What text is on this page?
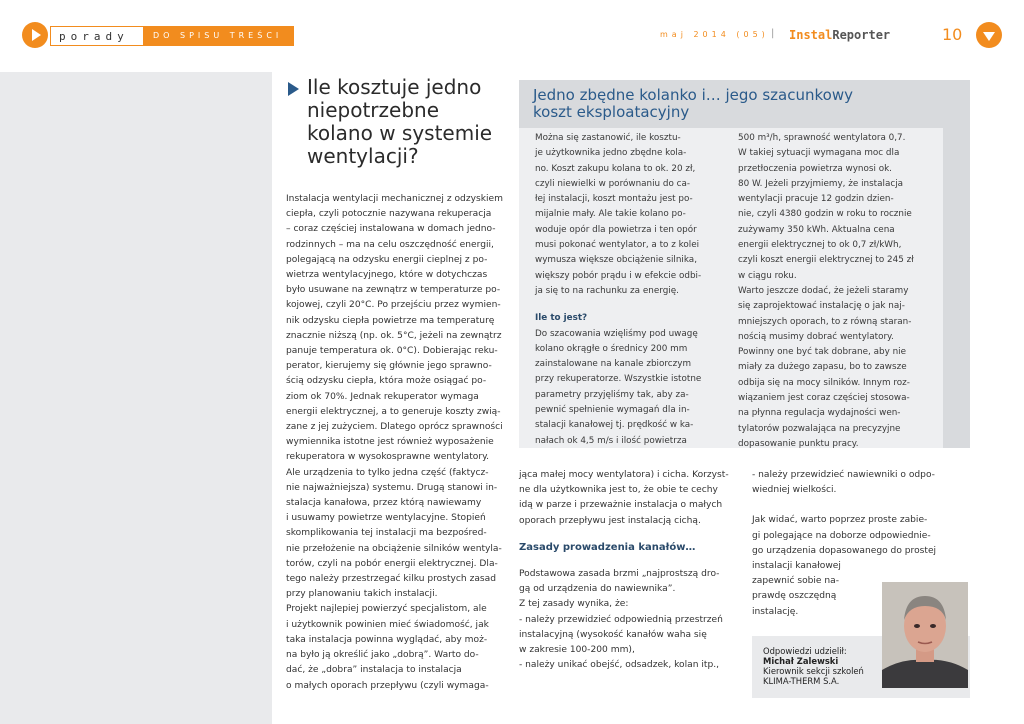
porady	DO SPISU TREŚCI	maj 2014 (05) | InstalReporter	10
Ile kosztuje jedno niepotrzebne kolano w systemie wentylacji?
Instalacja wentylacji mechanicznej z odzyskiem
ciepła, czyli potocznie nazywana rekuperacja
– coraz częściej instalowana w domach jedno-
rodzinnych – ma na celu oszczędność energii,
polegającą na odzysku energii cieplnej z po-
wietrza wentylacyjnego, które w dotychczas
było usuwane na zewnątrz w temperaturze po-
kojowej, czyli 20°C. Po przejściu przez wymien-
nik odzysku ciepła powietrze ma temperaturę
znacznie niższą (np. ok. 5°C, jeżeli na zewnątrz
panuje temperatura ok. 0°C). Dobierając reku-
perator, kierujemy się głównie jego sprawno-
ścią odzysku ciepła, która może osiągać po-
ziom ok 70%. Jednak rekuperator wymaga
energii elektrycznej, a to generuje koszty zwią-
zane z jej zużyciem. Dlatego oprócz sprawności
wymiennika istotne jest również wyposażenie
rekuperatora w wysokosprawne wentylatory.
Ale urządzenia to tylko jedna część (faktycz-
nie najważniejsza) systemu. Drugą stanowi in-
stalacja kanałowa, przez którą nawiewamy
i usuwamy powietrze wentylacyjne. Stopień
skomplikowania tej instalacji ma bezpośred-
nie przełożenie na obciążenie silników wentyla-
torów, czyli na pobór energii elektrycznej. Dla-
tego należy przestrzegać kilku prostych zasad
przy planowaniu takich instalacji.
Projekt najlepiej powierzyć specjalistom, ale
i użytkownik powinien mieć świadomość, jak
taka instalacja powinna wyglądać, aby moż-
na było ją określić jako „dobrą”. Warto do-
dać, że „dobra” instalacja to instalacja
o małych oporach przepływu (czyli wymaga-
Jedno zbędne kolanko i… jego szacunkowy koszt eksploatacyjny
Można się zastanowić, ile kosztu-
je użytkownika jedno zbędne kola-
no. Koszt zakupu kolana to ok. 20 zł,
czyli niewielki w porównaniu do ca-
łej instalacji, koszt montażu jest po-
mijalnie mały. Ale takie kolano po-
woduje opór dla powietrza i ten opór
musi pokonać wentylator, a to z kolei
wymusza większe obciążenie silnika,
większy pobór prądu i w efekcie odbi-
ja się to na rachunku za energię.
Ile to jest?
Do szacowania wzięliśmy pod uwagę
kolano okrągłe o średnicy 200 mm
zainstalowane na kanale zbiorczym
przy rekuperatorze. Wszystkie istotne
parametry przyjęliśmy tak, aby za-
pewnić spełnienie wymagań dla in-
stalacji kanałowej tj. prędkość w ka-
nałach ok 4,5 m/s i ilość powietrza
500 m³/h, sprawność wentylatora 0,7.
W takiej sytuacji wymagana moc dla
przetłoczenia powietrza wynosi ok.
80 W. Jeżeli przyjmiemy, że instalacja
wentylacji pracuje 12 godzin dzien-
nie, czyli 4380 godzin w roku to rocznie
zużywamy 350 kWh. Aktualna cena
energii elektrycznej to ok 0,7 zł/kWh,
czyli koszt energii elektrycznej to 245 zł
w ciągu roku.
Warto jeszcze dodać, że jeżeli staramy
się zaprojektować instalację o jak naj-
mniejszych oporach, to z równą staran-
nością musimy dobrać wentylatory.
Powinny one być tak dobrane, aby nie
miały za dużego zapasu, bo to zawsze
odbija się na mocy silników. Innym roz-
wiązaniem jest coraz częściej stosowa-
na płynna regulacja wydajności wen-
tylatorów pozwalająca na precyzyjne
dopasowanie punktu pracy.
jąca małej mocy wentylatora) i cicha. Korzyst-
ne dla użytkownika jest to, że obie te cechy
idą w parze i przeważnie instalacja o małych
oporach przepływu jest instalacją cichą.

Zasady prowadzenia kanałów…

Podstawowa zasada brzmi „najprostszą dro-
gą od urządzenia do nawiewnika”.
Z tej zasady wynika, że:
- należy przewidzieć odpowiednią przestrzeń
instalacyjną (wysokość kanałów waha się
w zakresie 100-200 mm),
- należy unikać obejść, odsadzek, kolan itp.,
- należy przewidzieć nawiewniki o odpo-
wiedniej wielkości.
Jak widać, warto poprzez proste zabie-
gi polegające na doborze odpowiednie-
go urządzenia dopasowanego do prostej
instalacji kanałowej
zapewnić sobie na-
prawdę oszczędną
instalację.
Odpowiedzi udzielił:
Michał Zalewski
Kierownik sekcji szkoleń
KLIMA-THERM S.A.
